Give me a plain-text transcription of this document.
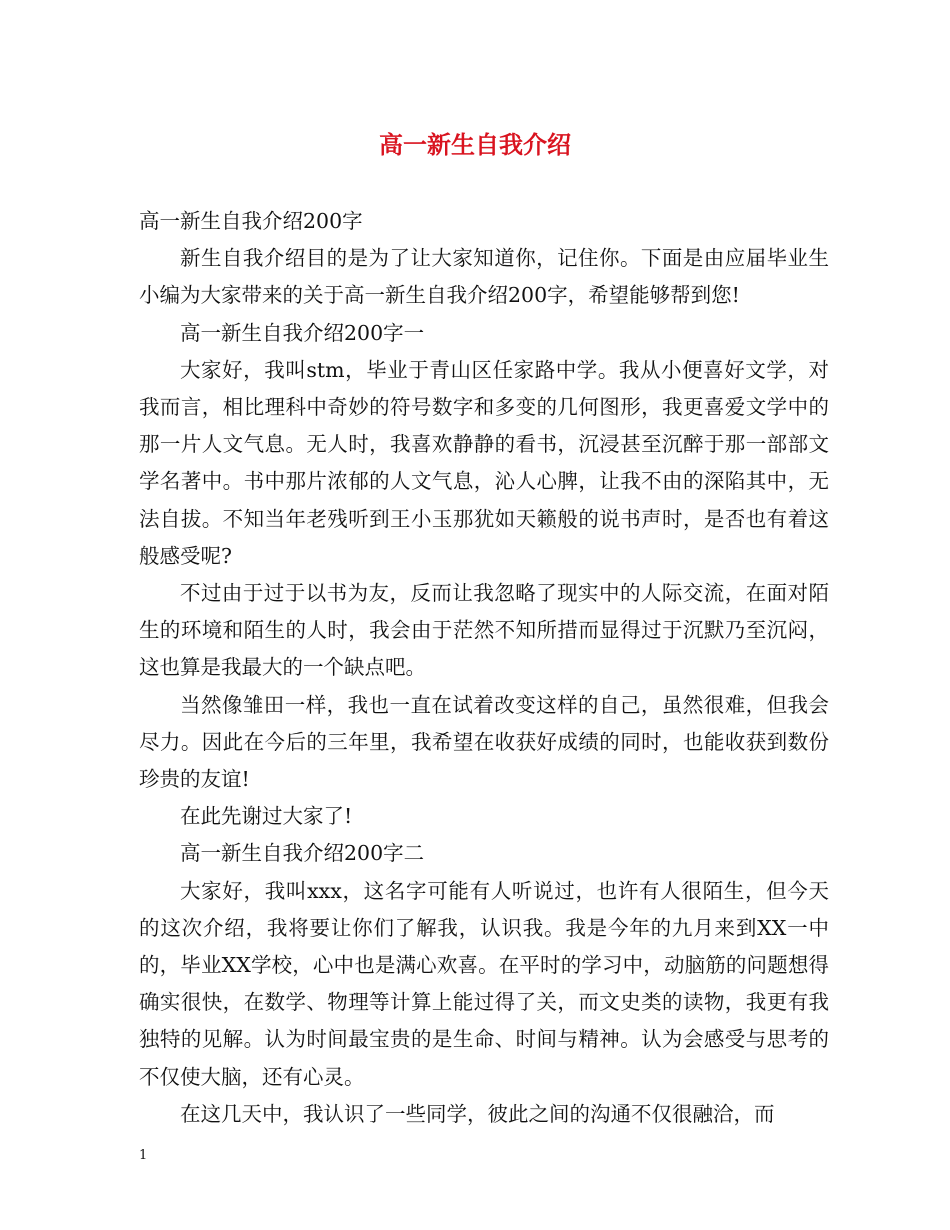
高一新生自我介绍

高一新生自我介绍200字

新生自我介绍目的是为了让大家知道你，记住你。下面是由应届毕业生小编为大家带来的关于高一新生自我介绍200字，希望能够帮到您!

高一新生自我介绍200字一

大家好，我叫stm，毕业于青山区任家路中学。我从小便喜好文学，对我而言，相比理科中奇妙的符号数字和多变的几何图形，我更喜爱文学中的那一片人文气息。无人时，我喜欢静静的看书，沉浸甚至沉醉于那一部部文学名著中。书中那片浓郁的人文气息，沁人心脾，让我不由的深陷其中，无法自拔。不知当年老残听到王小玉那犹如天籁般的说书声时，是否也有着这般感受呢?

不过由于过于以书为友，反而让我忽略了现实中的人际交流，在面对陌生的环境和陌生的人时，我会由于茫然不知所措而显得过于沉默乃至沉闷，这也算是我最大的一个缺点吧。

当然像雏田一样，我也一直在试着改变这样的自己，虽然很难，但我会尽力。因此在今后的三年里，我希望在收获好成绩的同时，也能收获到数份珍贵的友谊!

在此先谢过大家了!

高一新生自我介绍200字二

大家好，我叫xxx，这名字可能有人听说过，也许有人很陌生，但今天的这次介绍，我将要让你们了解我，认识我。我是今年的九月来到XX一中的，毕业XX学校，心中也是满心欢喜。在平时的学习中，动脑筋的问题想得确实很快，在数学、物理等计算上能过得了关，而文史类的读物，我更有我独特的见解。认为时间最宝贵的是生命、时间与精神。认为会感受与思考的不仅使大脑，还有心灵。

在这几天中，我认识了一些同学，彼此之间的沟通不仅很融洽，而

1
